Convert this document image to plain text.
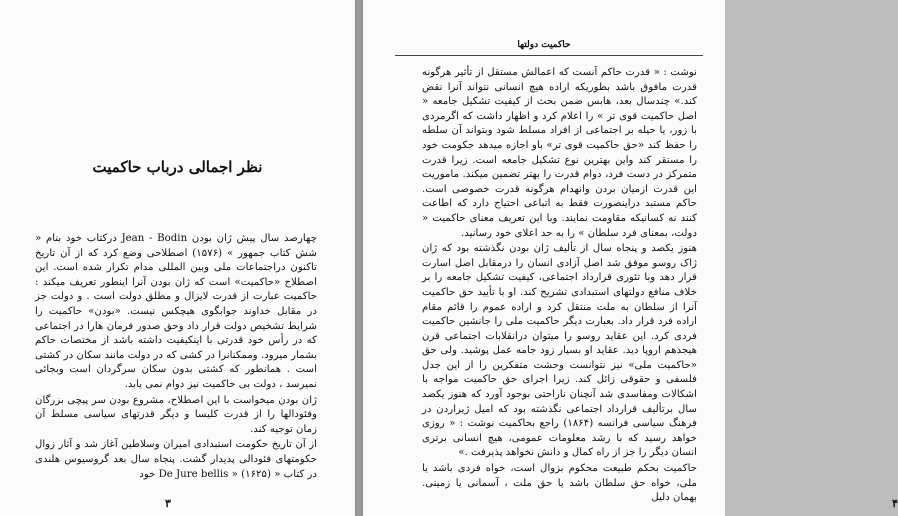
نظر اجمالی درباب حاکمیت

چهارصد سال پیش ژان بودن Jean - Bodin درکتاب خود بنام « شش کتاب جمهور » (۱۵۷۶) اصطلاحی وضع کرد که از آن تاریخ تاکنون دراجتماعات ملی وبین المللی مدام تکرار شده است. این اصطلاح «حاکمیت» است که ژان بودن آنرا اینطور تعریف میکند : حاکمیت عبارت از قدرت لایزال و مطلق دولت است . و دولت جز در مقابل خداوند جوابگوی هیچکس نیست. «بودن» حاکمیت را شرایط تشخیص دولت قرار داد وحق صدور فرمان هارا در اجتماعی که در رأس خود قدرتی با اینکیفیت داشته باشد از مختصات حاکم بشمار میرود. وممکنانرا در کشی که در دولت مانند سکان در کشتی است . همانطور که کشتی بدون سکان سرگردان است وبجائی نمیرسد ، دولت بی حاکمیت نیز دوام نمی یابد.

ژان بودن میخواست با این اصطلاح، مشروع بودن سر پیچی بزرگان وفئودالها را از قدرت کلیسا و دیگر قدرتهای سیاسی مسلط آن زمان توجیه کند.

از آن تاریخ حکومت استبدادی امیران وسلاطین آغاز شد و آثار زوال حکومتهای فئودالی پدیدار گشت. پنجاه سال بعد گروسیوس هلندی در کتاب « De Jure bellis » (۱۶۲۵) خود

۳
حاکمیت دولتها
۴

نوشت : « قدرت حاکم آنست که اعمالش مستقل از تأثیر هرگونه قدرت مافوق باشد بطوریکه اراده هیچ انسانی نتواند آنرا نقض کند.» چندسال بعد، هابس ضمن بحث از کیفیت تشکیل جامعه « اصل حاکمیت قوی تر » را اعلام کرد و اظهار داشت که اگرمردی با زور، یا حیله بر اجتماعی از افراد مسلط شود وبتواند آن سلطه را حفظ کند «حق حاکمیت قوی تر» باو اجازه میدهد حکومت خود را مستقر کند واین بهترین نوع تشکیل جامعه است. زیرا قدرت متمرکز در دست فرد، دوام قدرت را بهتر تضمین میکند. ماموریت این قدرت ازمیان بردن وانهدام هرگونه قدرت خصوصی است. حاکم مستبد دراینصورت فقط به اتباعی احتیاج دارد که اطاعت کنند نه کسانیکه مقاومت نمایند. وبا این تعریف معنای حاکمیت « دولت، بمعنای فرد سلطان » را به حد اعلای خود رسانید.

هنوز یکصد و پنجاه سال از تألیف ژان بودن نگذشته بود که ژان ژاک روسو موفق شد اصل آزادی انسان را درمقابل اصل اسارت قرار دهد وبا تئوری قرارداد اجتماعی، کیفیت تشکیل جامعه را بر خلاف منافع دولتهای استبدادی تشریح کند. او با تأیید حق حاکمیت آنرا از سلطان به ملت منتقل کرد و اراده عموم را قائم مقام اراده فرد قرار داد. بعبارت دیگر حاکمیت ملی را جانشین حاکمیت فردی کرد. این عقاید روسو را میتوان درانقلابات اجتماعی قرن هیجدهم اروپا دید. عقاید او بسیار زود جامه عمل پوشید. ولی حق «حاکمیت ملی» نیز نتوانست وحشت متفکرین را از این جدل فلسفی و حقوقی زائل کند. زیرا اجرای حق حاکمیت مواجه با اشکالات ومفاسدی شد آنچنان ناراحتی بوجود آورد که هنوز یکصد سال برتألیف قرارداد اجتماعی نگذشته بود که امیل ژیراردن در فرهنگ سیاسی فرانسه (۱۸۶۴) راجع بحاکمیت نوشت : « روزی خواهد رسید که با رشد معلومات عمومی، هیچ انسانی برتری انسان دیگر را جز از راه کمال و دانش نخواهد پذیرفت .»

حاکمیت بحکم طبیعت محکوم بزوال است، خواه فردی باشد یا ملی، خواه حق سلطان باشد یا حق ملت ، آسمانی یا زمینی. بهمان دلیل
